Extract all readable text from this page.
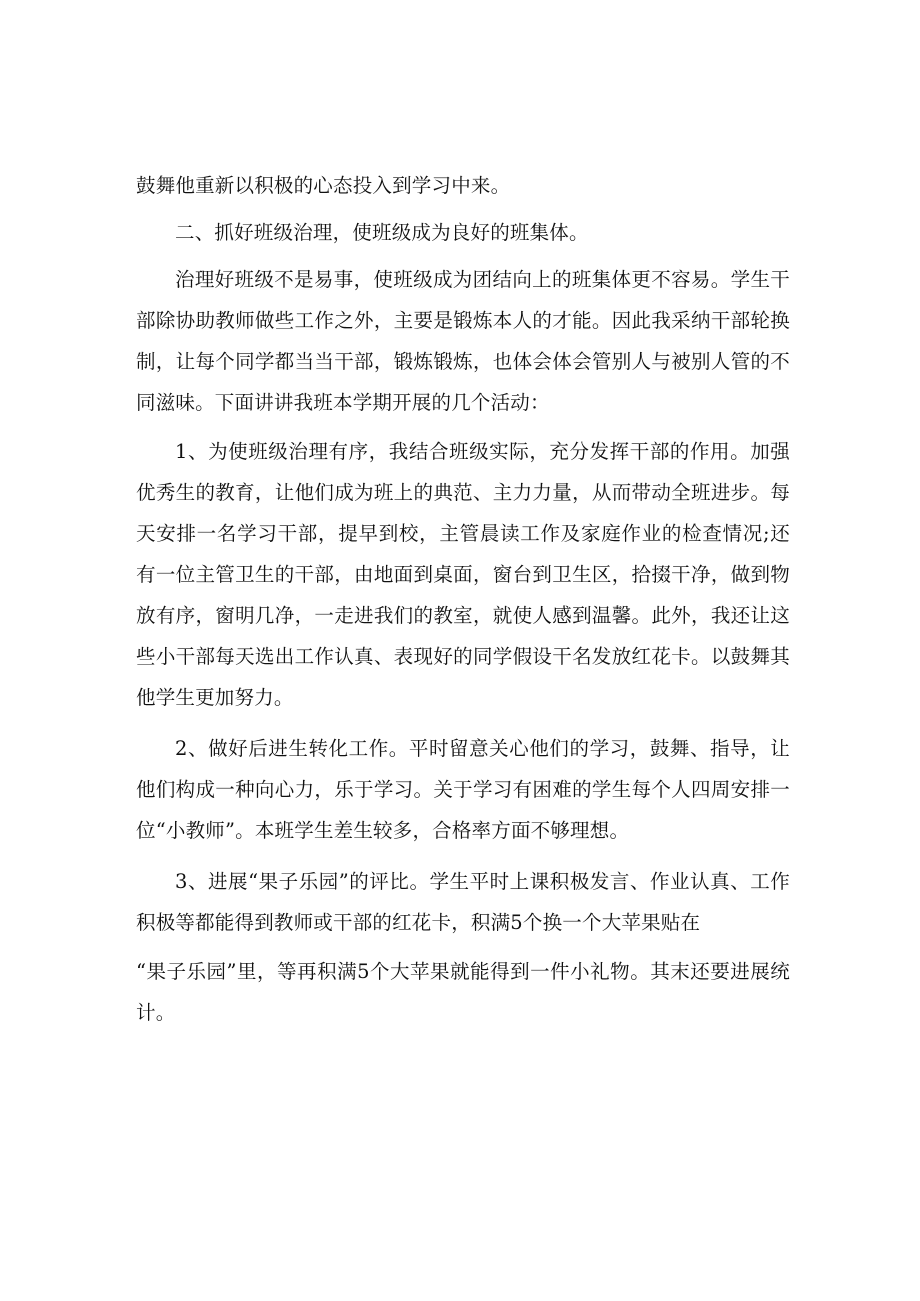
鼓舞他重新以积极的心态投入到学习中来。

二、抓好班级治理，使班级成为良好的班集体。

治理好班级不是易事，使班级成为团结向上的班集体更不容易。学生干部除协助教师做些工作之外，主要是锻炼本人的才能。因此我采纳干部轮换制，让每个同学都当当干部，锻炼锻炼，也体会体会管别人与被别人管的不同滋味。下面讲讲我班本学期开展的几个活动：

1、为使班级治理有序，我结合班级实际，充分发挥干部的作用。加强优秀生的教育，让他们成为班上的典范、主力力量，从而带动全班进步。每天安排一名学习干部，提早到校，主管晨读工作及家庭作业的检查情况;还有一位主管卫生的干部，由地面到桌面，窗台到卫生区，拾掇干净，做到物放有序，窗明几净，一走进我们的教室，就使人感到温馨。此外，我还让这些小干部每天选出工作认真、表现好的同学假设干名发放红花卡。以鼓舞其他学生更加努力。

2、做好后进生转化工作。平时留意关心他们的学习，鼓舞、指导，让他们构成一种向心力，乐于学习。关于学习有困难的学生每个人四周安排一位“小教师”。本班学生差生较多，合格率方面不够理想。

3、进展“果子乐园”的评比。学生平时上课积极发言、作业认真、工作积极等都能得到教师或干部的红花卡，积满5个换一个大苹果贴在

“果子乐园”里，等再积满5个大苹果就能得到一件小礼物。其末还要进展统计。
